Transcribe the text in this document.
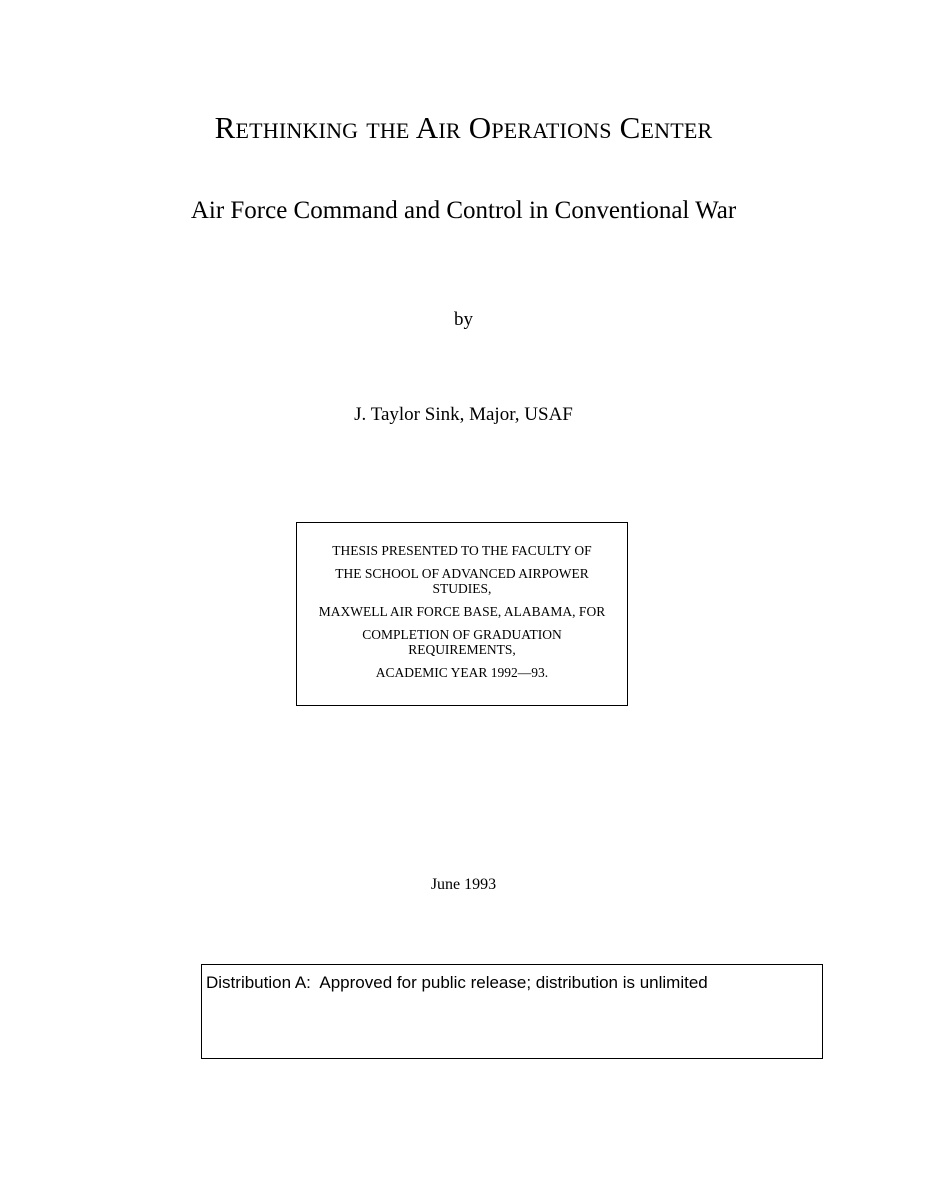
Rethinking the Air Operations Center
Air Force Command and Control in Conventional War
by
J. Taylor Sink, Major, USAF
THESIS PRESENTED TO THE FACULTY OF
THE SCHOOL OF ADVANCED AIRPOWER STUDIES,
MAXWELL AIR FORCE BASE, ALABAMA, FOR
COMPLETION OF GRADUATION REQUIREMENTS,
ACADEMIC YEAR 1992—93.
June 1993
Distribution A:  Approved for public release; distribution is unlimited
